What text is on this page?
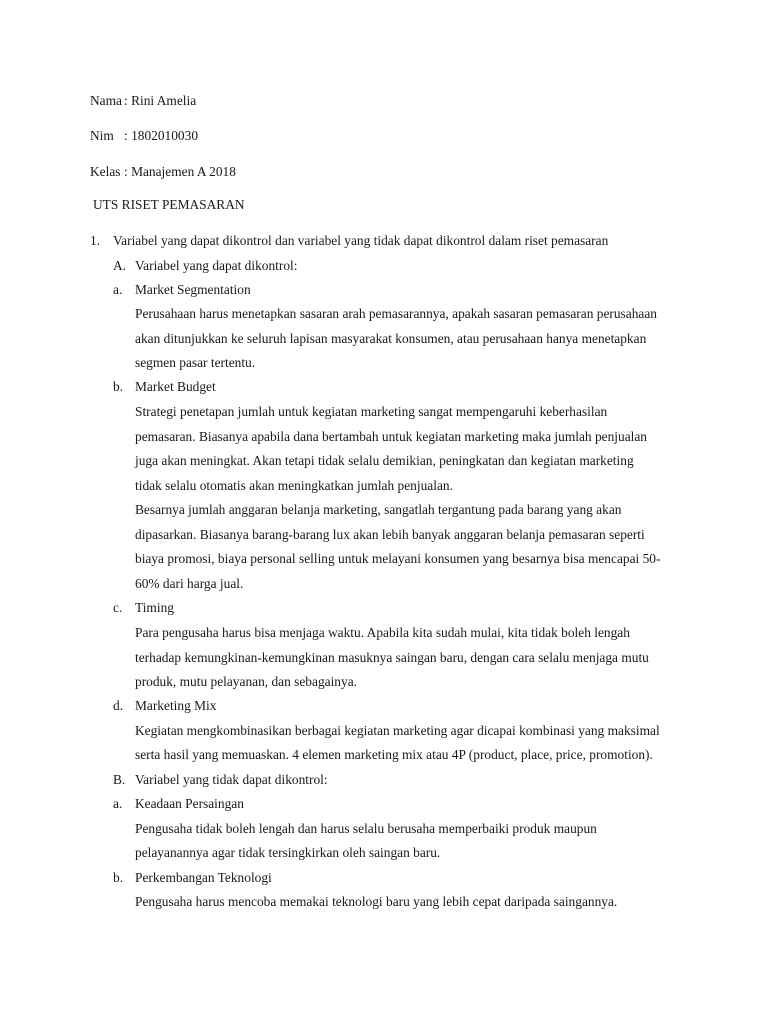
Nama : Rini Amelia
Nim : 1802010030
Kelas : Manajemen A 2018
UTS RISET PEMASARAN
1. Variabel yang dapat dikontrol dan variabel yang tidak dapat dikontrol dalam riset pemasaran
A. Variabel yang dapat dikontrol:
a. Market Segmentation
Perusahaan harus menetapkan sasaran arah pemasarannya, apakah sasaran pemasaran perusahaan
akan ditunjukkan ke seluruh lapisan masyarakat konsumen, atau perusahaan hanya menetapkan
segmen pasar tertentu.
b. Market Budget
Strategi penetapan jumlah untuk kegiatan marketing sangat mempengaruhi keberhasilan
pemasaran. Biasanya apabila dana bertambah untuk kegiatan marketing maka jumlah penjualan
juga akan meningkat. Akan tetapi tidak selalu demikian, peningkatan dan kegiatan marketing
tidak selalu otomatis akan meningkatkan jumlah penjualan.
Besarnya jumlah anggaran belanja marketing, sangatlah tergantung pada barang yang akan
dipasarkan. Biasanya barang-barang lux akan lebih banyak anggaran belanja pemasaran seperti
biaya promosi, biaya personal selling untuk melayani konsumen yang besarnya bisa mencapai 50-
60% dari harga jual.
c. Timing
Para pengusaha harus bisa menjaga waktu. Apabila kita sudah mulai, kita tidak boleh lengah
terhadap kemungkinan-kemungkinan masuknya saingan baru, dengan cara selalu menjaga mutu
produk, mutu pelayanan, dan sebagainya.
d. Marketing Mix
Kegiatan mengkombinasikan berbagai kegiatan marketing agar dicapai kombinasi yang maksimal
serta hasil yang memuaskan. 4 elemen marketing mix atau 4P (product, place, price, promotion).
B. Variabel yang tidak dapat dikontrol:
a. Keadaan Persaingan
Pengusaha tidak boleh lengah dan harus selalu berusaha memperbaiki produk maupun
pelayanannya agar tidak tersingkirkan oleh saingan baru.
b. Perkembangan Teknologi
Pengusaha harus mencoba memakai teknologi baru yang lebih cepat daripada saingannya.
